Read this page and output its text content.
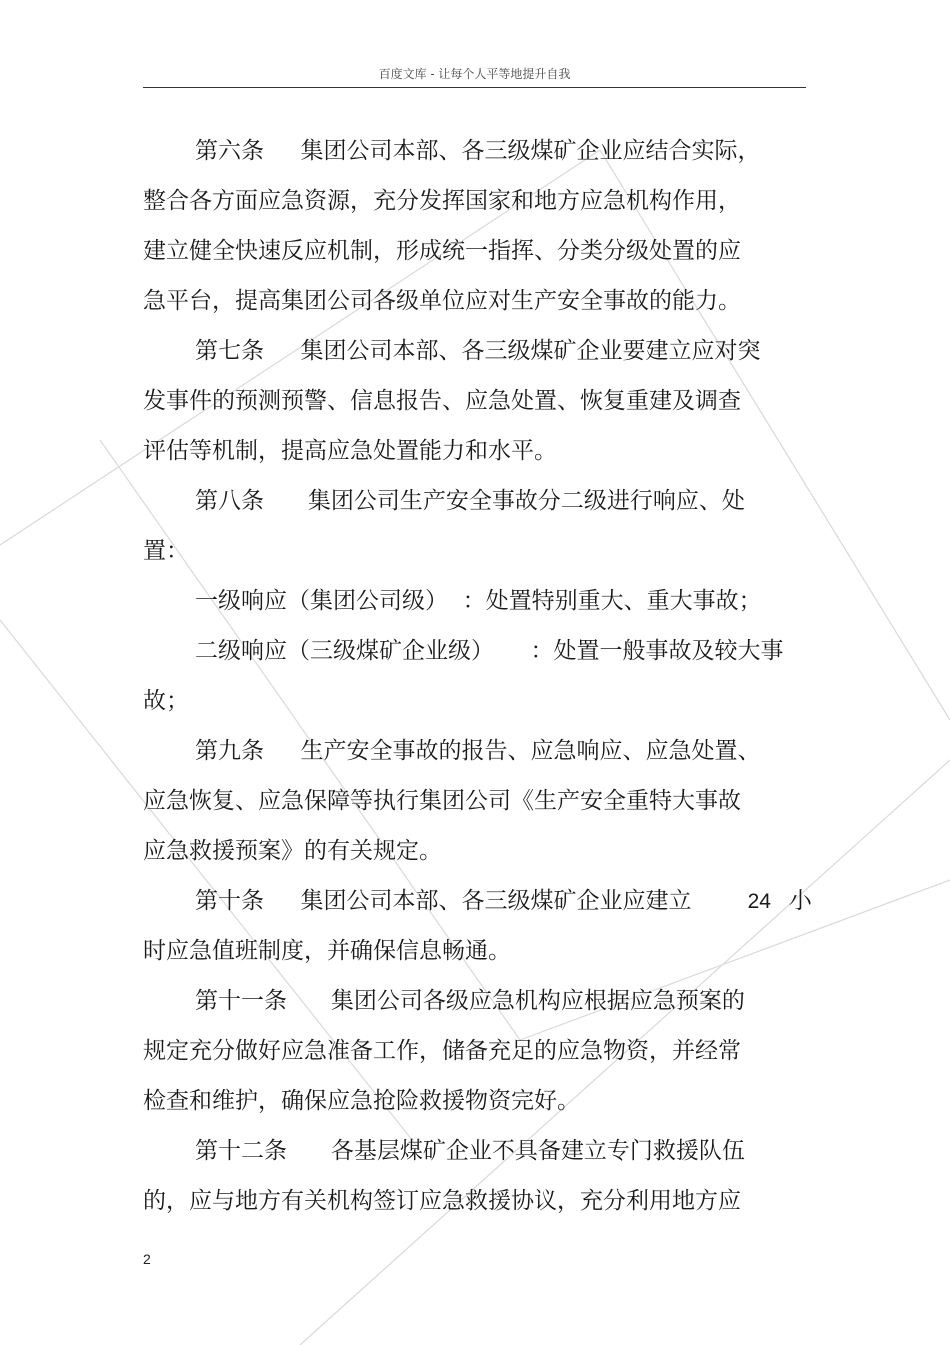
百度文库 - 让每个人平等地提升自我
第六条     集团公司本部、各三级煤矿企业应结合实际，
整合各方面应急资源，充分发挥国家和地方应急机构作用，
建立健全快速反应机制，形成统一指挥、分类分级处置的应
急平台，提高集团公司各级单位应对生产安全事故的能力。
第七条     集团公司本部、各三级煤矿企业要建立应对突
发事件的预测预警、信息报告、应急处置、恢复重建及调查
评估等机制，提高应急处置能力和水平。
第八条      集团公司生产安全事故分二级进行响应、处
置：
一级响应（集团公司级）  ：处置特别重大、重大事故；
二级响应（三级煤矿企业级）     ：处置一般事故及较大事
故；
第九条     生产安全事故的报告、应急响应、应急处置、
应急恢复、应急保障等执行集团公司《生产安全重特大事故
应急救援预案》的有关规定。
第十条     集团公司本部、各三级煤矿企业应建立	24 小
时应急值班制度，并确保信息畅通。
第十一条      集团公司各级应急机构应根据应急预案的
规定充分做好应急准备工作，储备充足的应急物资，并经常
检查和维护，确保应急抢险救援物资完好。
第十二条      各基层煤矿企业不具备建立专门救援队伍
的，应与地方有关机构签订应急救援协议，充分利用地方应
2
